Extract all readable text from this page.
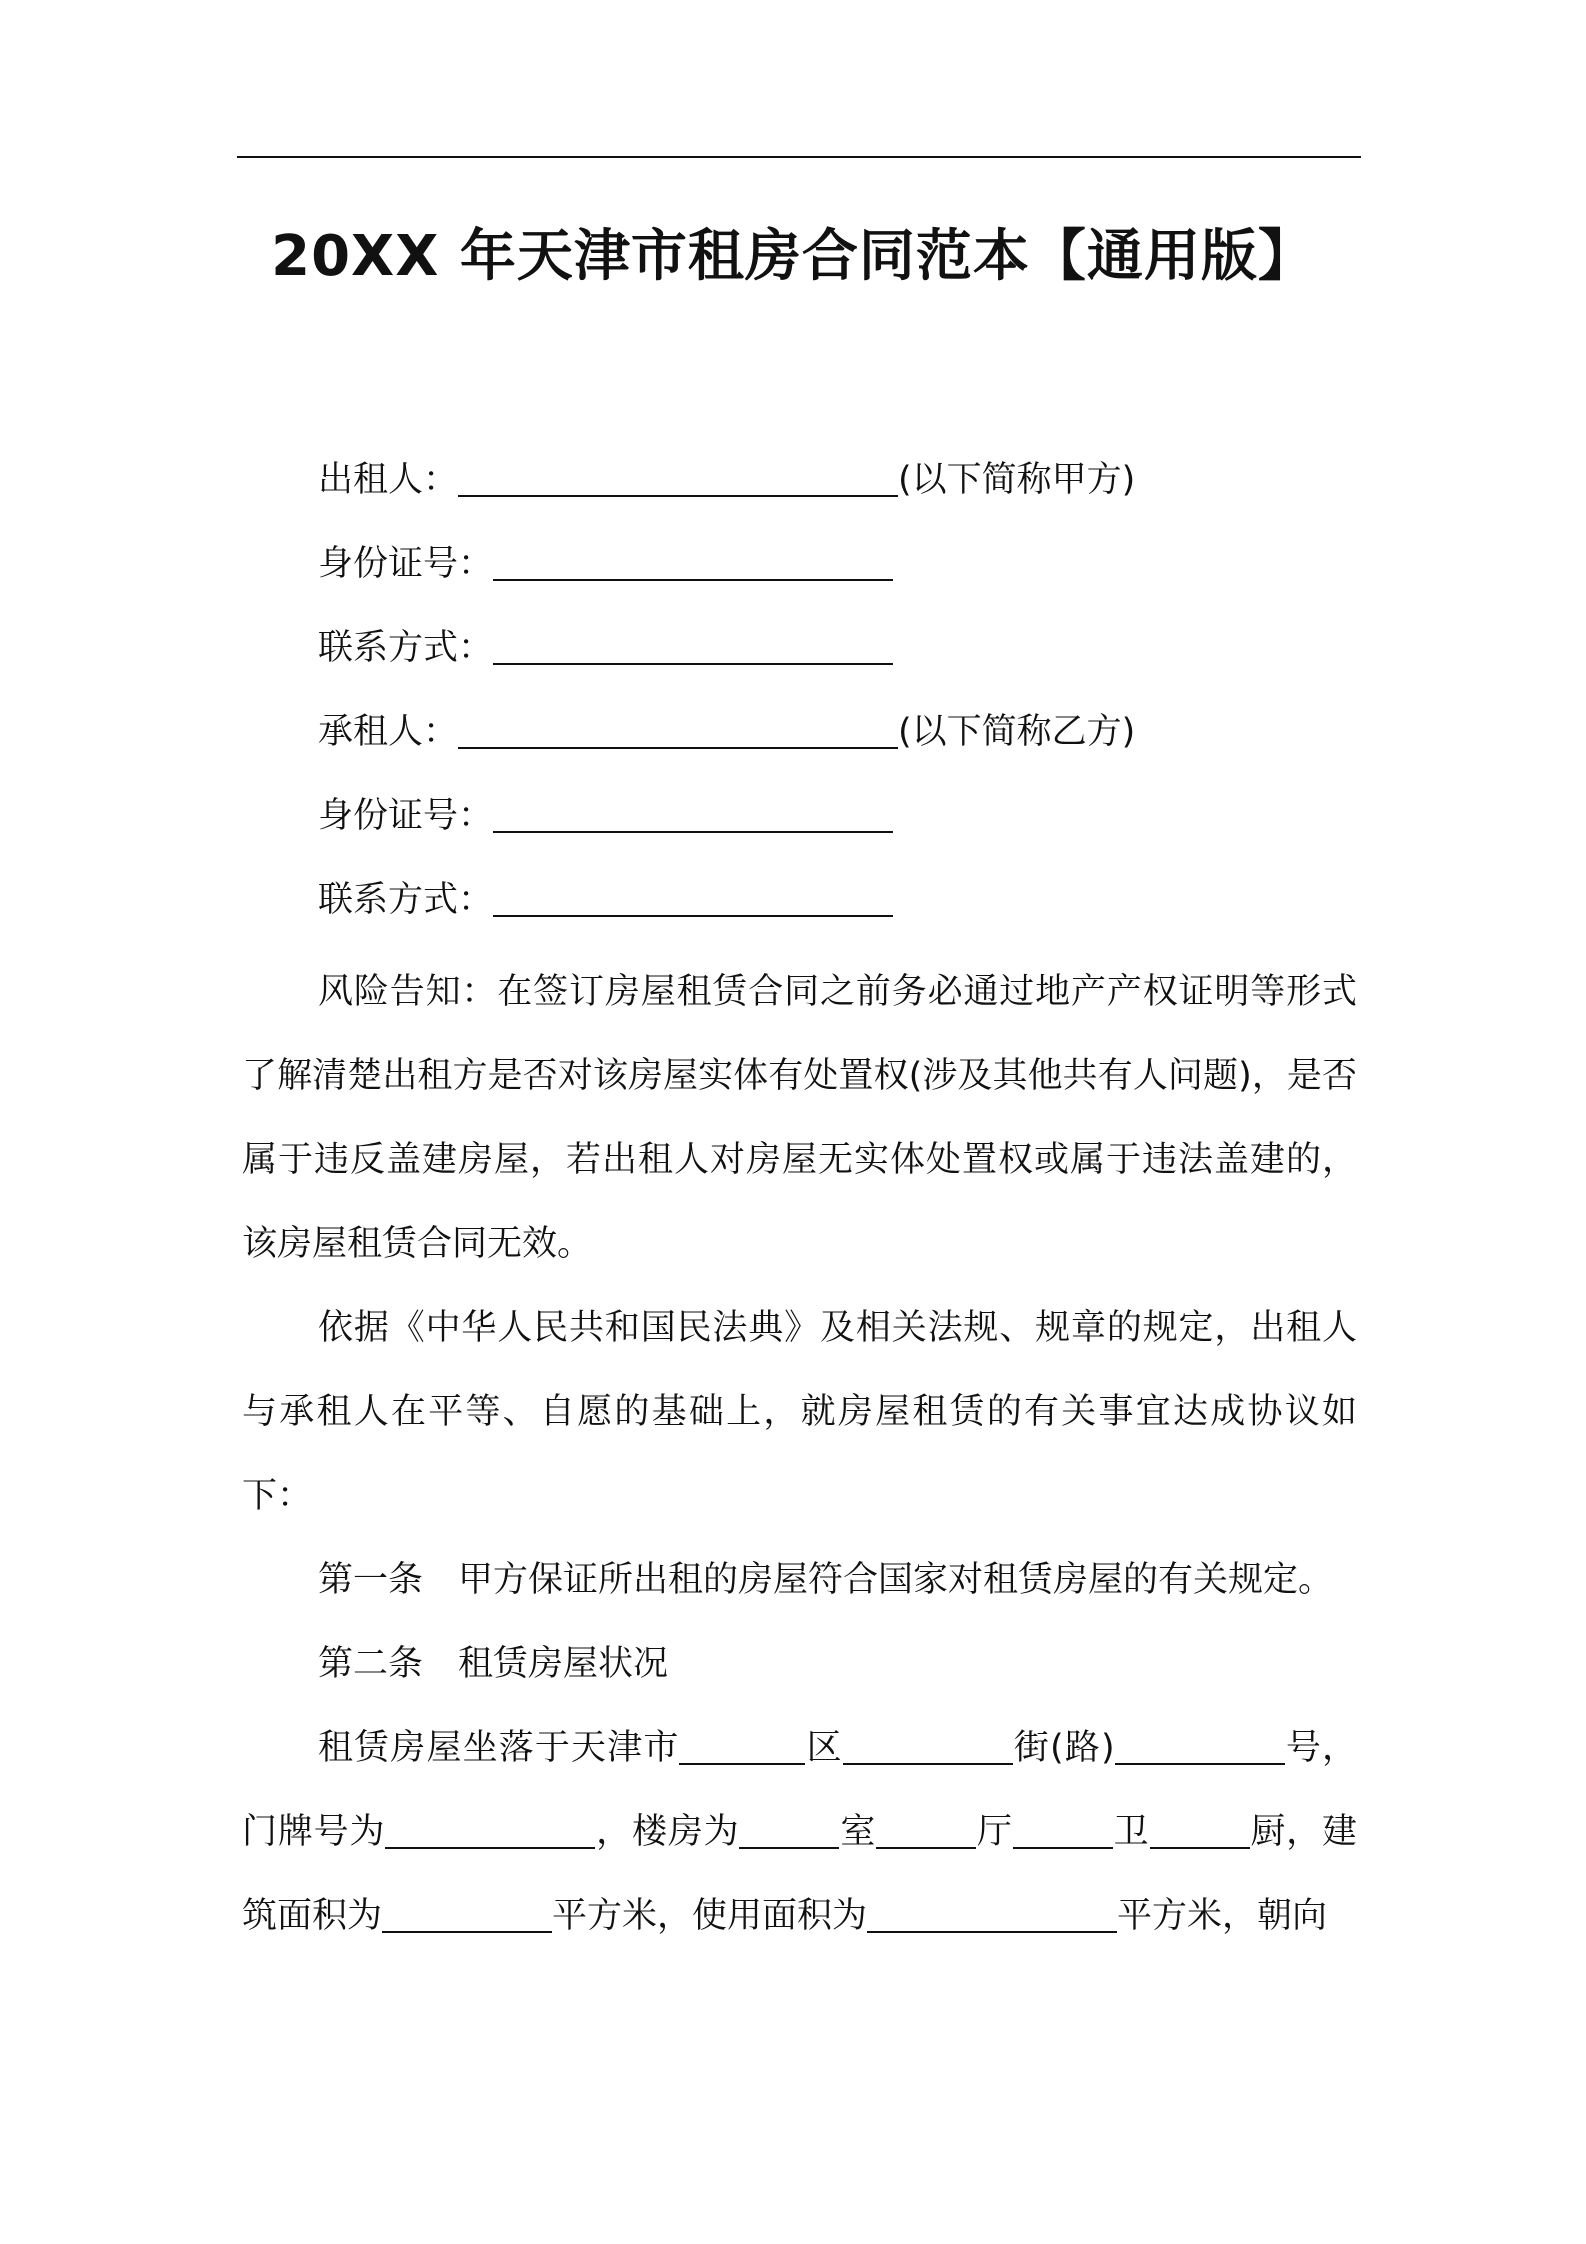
20XX 年天津市租房合同范本【通用版】
出租人：	(以下简称甲方)
身份证号：
联系方式：
承租人：	(以下简称乙方)
身份证号：
联系方式：

风险告知：在签订房屋租赁合同之前务必通过地产产权证明等形式了解清楚出租方是否对该房屋实体有处置权(涉及其他共有人问题)，是否属于违反盖建房屋，若出租人对房屋无实体处置权或属于违法盖建的，该房屋租赁合同无效。

依据《中华人民共和国民法典》及相关法规、规章的规定，出租人与承租人在平等、自愿的基础上，就房屋租赁的有关事宜达成协议如下：

第一条　甲方保证所出租的房屋符合国家对租赁房屋的有关规定。

第二条　租赁房屋状况

租赁房屋坐落于天津市	区	街(路)	号，门牌号为	，楼房为	室	厅	卫	厨，建筑面积为	平方米，使用面积为	平方米，朝向
